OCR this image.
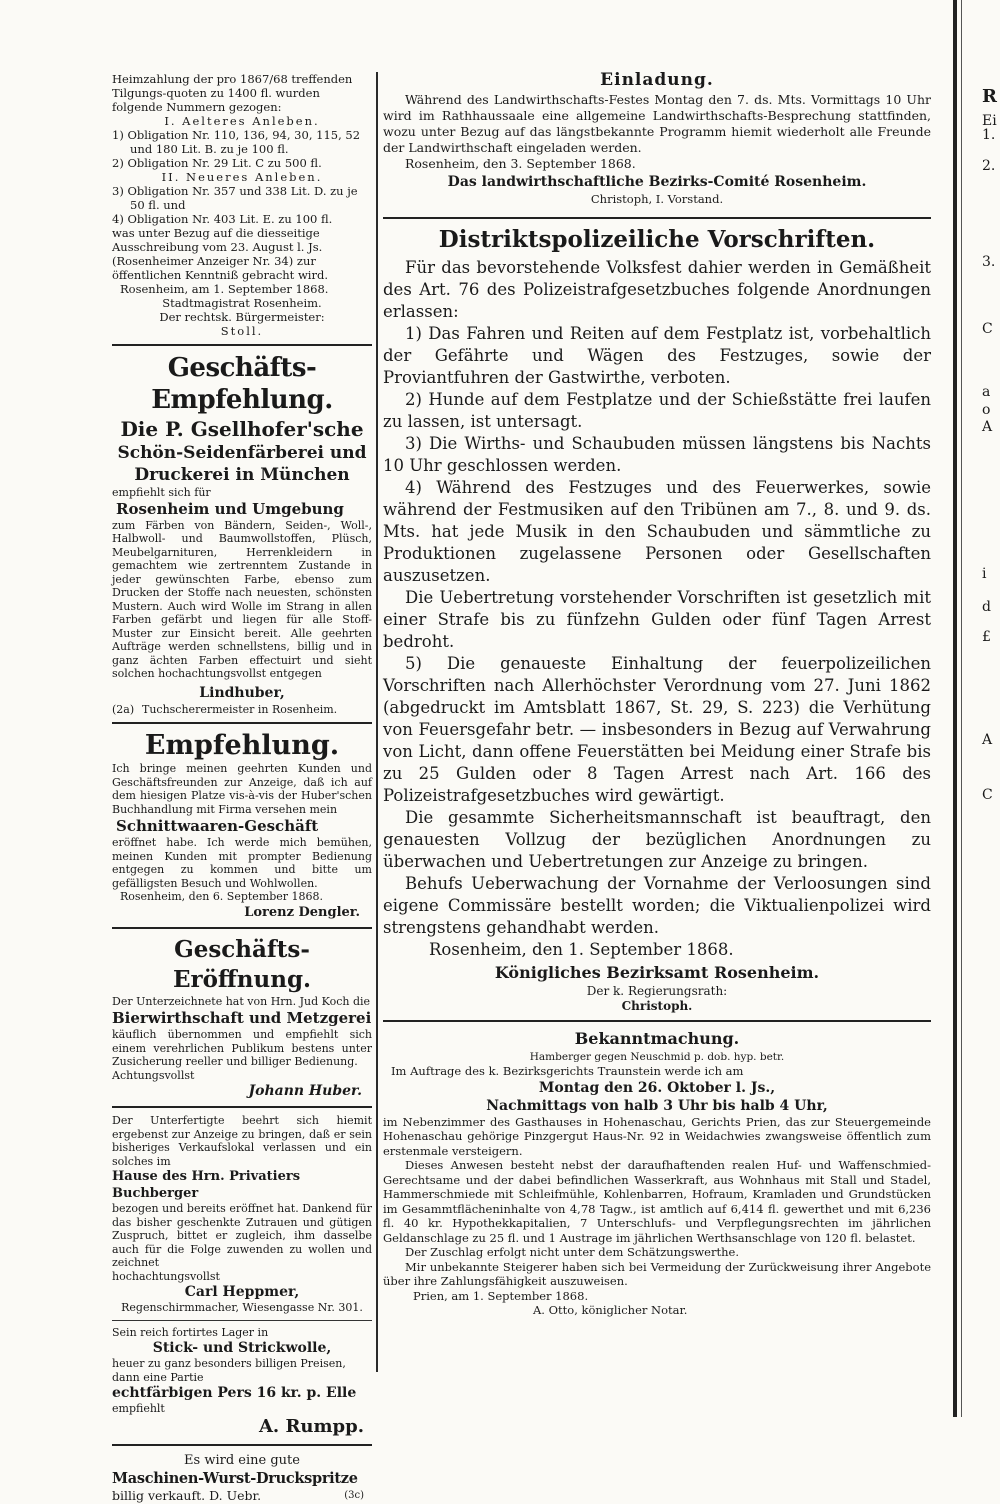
R
Ei
1.
2.
3.
C
a
o
A
i
d
£
A
C
Heimzahlung der pro 1867/68 treffenden Tilgungs-quoten zu 1400 fl. wurden folgende Nummern gezogen:
I. Aelteres Anleben.
1) Obligation Nr. 110, 136, 94, 30, 115, 52 und 180 Lit. B. zu je 100 fl.
2) Obligation Nr. 29 Lit. C zu 500 fl.
II. Neueres Anleben.
3) Obligation Nr. 357 und 338 Lit. D. zu je 50 fl. und
4) Obligation Nr. 403 Lit. E. zu 100 fl.
was unter Bezug auf die diesseitige Ausschreibung vom 23. August l. Js. (Rosenheimer Anzeiger Nr. 34) zur öffentlichen Kenntniß gebracht wird.
Rosenheim, am 1. September 1868.
Stadtmagistrat Rosenheim.
Der rechtsk. Bürgermeister:
Stoll.
Geschäfts-Empfehlung.
Die P. Gsellhofer'sche
Schön-Seidenfärberei und
Druckerei in München
empfiehlt sich für
Rosenheim und Umgebung
zum Färben von Bändern, Seiden-, Woll-, Halbwoll- und Baumwollstoffen, Plüsch, Meubelgarnituren, Herrenkleidern in gemachtem wie zertrenntem Zustande in jeder gewünschten Farbe, ebenso zum Drucken der Stoffe nach neuesten, schönsten Mustern. Auch wird Wolle im Strang in allen Farben gefärbt und liegen für alle Stoff-Muster zur Einsicht bereit. Alle geehrten Aufträge werden schnellstens, billig und in ganz ächten Farben effectuirt und sieht solchen hochachtungsvollst entgegen
Lindhuber,
(2a) Tuchscherermeister in Rosenheim.
Empfehlung.
Ich bringe meinen geehrten Kunden und Geschäftsfreunden zur Anzeige, daß ich auf dem hiesigen Platze vis-à-vis der Huber'schen Buchhandlung mit Firma versehen mein
Schnittwaaren-Geschäft
eröffnet habe. Ich werde mich bemühen, meinen Kunden mit prompter Bedienung entgegen zu kommen und bitte um gefälligsten Besuch und Wohlwollen.
Rosenheim, den 6. September 1868.
Lorenz Dengler.
Geschäfts-Eröffnung.
Der Unterzeichnete hat von Hrn. Jud Koch die
Bierwirthschaft und Metzgerei
käuflich übernommen und empfiehlt sich einem verehrlichen Publikum bestens unter Zusicherung reeller und billiger Bedienung.
Achtungsvollst
Johann Huber.
Der Unterfertigte beehrt sich hiemit ergebenst zur Anzeige zu bringen, daß er sein bisheriges Verkaufslokal verlassen und ein solches im
Hause des Hrn. Privatiers Buchberger
bezogen und bereits eröffnet hat. Dankend für das bisher geschenkte Zutrauen und gütigen Zuspruch, bittet er zugleich, ihm dasselbe auch für die Folge zuwenden zu wollen und zeichnet
hochachtungsvollst
Carl Heppmer,
Regenschirmmacher, Wiesengasse Nr. 301.
Sein reich fortirtes Lager in
Stick- und Strickwolle,
heuer zu ganz besonders billigen Preisen, dann eine Partie
echtfärbigen Pers 16 kr. p. Elle
empfiehlt
A. Rumpp.
Es wird eine gute
Maschinen-Wurst-Druckspritze
billig verkauft. D. Uebr.	(3c)
Einladung.
Während des Landwirthschafts-Festes Montag den 7. ds. Mts. Vormittags 10 Uhr wird im Rathhaussaale eine allgemeine Landwirthschafts-Besprechung stattfinden, wozu unter Bezug auf das längstbekannte Programm hiemit wiederholt alle Freunde der Landwirthschaft eingeladen werden.
Rosenheim, den 3. September 1868.
Das landwirthschaftliche Bezirks-Comité Rosenheim.
Christoph, I. Vorstand.
Distriktspolizeiliche Vorschriften.
Für das bevorstehende Volksfest dahier werden in Gemäßheit des Art. 76 des Polizeistrafgesetzbuches folgende Anordnungen erlassen:
1) Das Fahren und Reiten auf dem Festplatz ist, vorbehaltlich der Gefährte und Wägen des Festzuges, sowie der Proviantfuhren der Gastwirthe, verboten.
2) Hunde auf dem Festplatze und der Schießstätte frei laufen zu lassen, ist untersagt.
3) Die Wirths- und Schaubuden müssen längstens bis Nachts 10 Uhr geschlossen werden.
4) Während des Festzuges und des Feuerwerkes, sowie während der Festmusiken auf den Tribünen am 7., 8. und 9. ds. Mts. hat jede Musik in den Schaubuden und sämmtliche zu Produktionen zugelassene Personen oder Gesellschaften auszusetzen.
Die Uebertretung vorstehender Vorschriften ist gesetzlich mit einer Strafe bis zu fünfzehn Gulden oder fünf Tagen Arrest bedroht.
5) Die genaueste Einhaltung der feuerpolizeilichen Vorschriften nach Allerhöchster Verordnung vom 27. Juni 1862 (abgedruckt im Amtsblatt 1867, St. 29, S. 223) die Verhütung von Feuersgefahr betr. — insbesonders in Bezug auf Verwahrung von Licht, dann offene Feuerstätten bei Meidung einer Strafe bis zu 25 Gulden oder 8 Tagen Arrest nach Art. 166 des Polizeistrafgesetzbuches wird gewärtigt.
Die gesammte Sicherheitsmannschaft ist beauftragt, den genauesten Vollzug der bezüglichen Anordnungen zu überwachen und Uebertretungen zur Anzeige zu bringen.
Behufs Ueberwachung der Vornahme der Verloosungen sind eigene Commissäre bestellt worden; die Viktualienpolizei wird strengstens gehandhabt werden.
Rosenheim, den 1. September 1868.
Königliches Bezirksamt Rosenheim.
Der k. Regierungsrath:
Christoph.
Bekanntmachung.
Hamberger gegen Neuschmid p. dob. hyp. betr.
Im Auftrage des k. Bezirksgerichts Traunstein werde ich am
Montag den 26. Oktober l. Js.,
Nachmittags von halb 3 Uhr bis halb 4 Uhr,
im Nebenzimmer des Gasthauses in Hohenaschau, Gerichts Prien, das zur Steuergemeinde Hohenaschau gehörige Pinzgergut Haus-Nr. 92 in Weidachwies zwangsweise öffentlich zum erstenmale versteigern.
Dieses Anwesen besteht nebst der daraufhaftenden realen Huf- und Waffenschmied-Gerechtsame und der dabei befindlichen Wasserkraft, aus Wohnhaus mit Stall und Stadel, Hammerschmiede mit Schleifmühle, Kohlenbarren, Hofraum, Kramladen und Grundstücken im Gesammtflächeninhalte von 4,78 Tagw., ist amtlich auf 6,414 fl. gewerthet und mit 6,236 fl. 40 kr. Hypothekkapitalien, 7 Unterschlufs- und Verpflegungsrechten im jährlichen Geldanschlage zu 25 fl. und 1 Austrage im jährlichen Werthsanschlage von 120 fl. belastet.
Der Zuschlag erfolgt nicht unter dem Schätzungswerthe.
Mir unbekannte Steigerer haben sich bei Vermeidung der Zurückweisung ihrer Angebote über ihre Zahlungsfähigkeit auszuweisen.
Prien, am 1. September 1868.
A. Otto, königlicher Notar.
